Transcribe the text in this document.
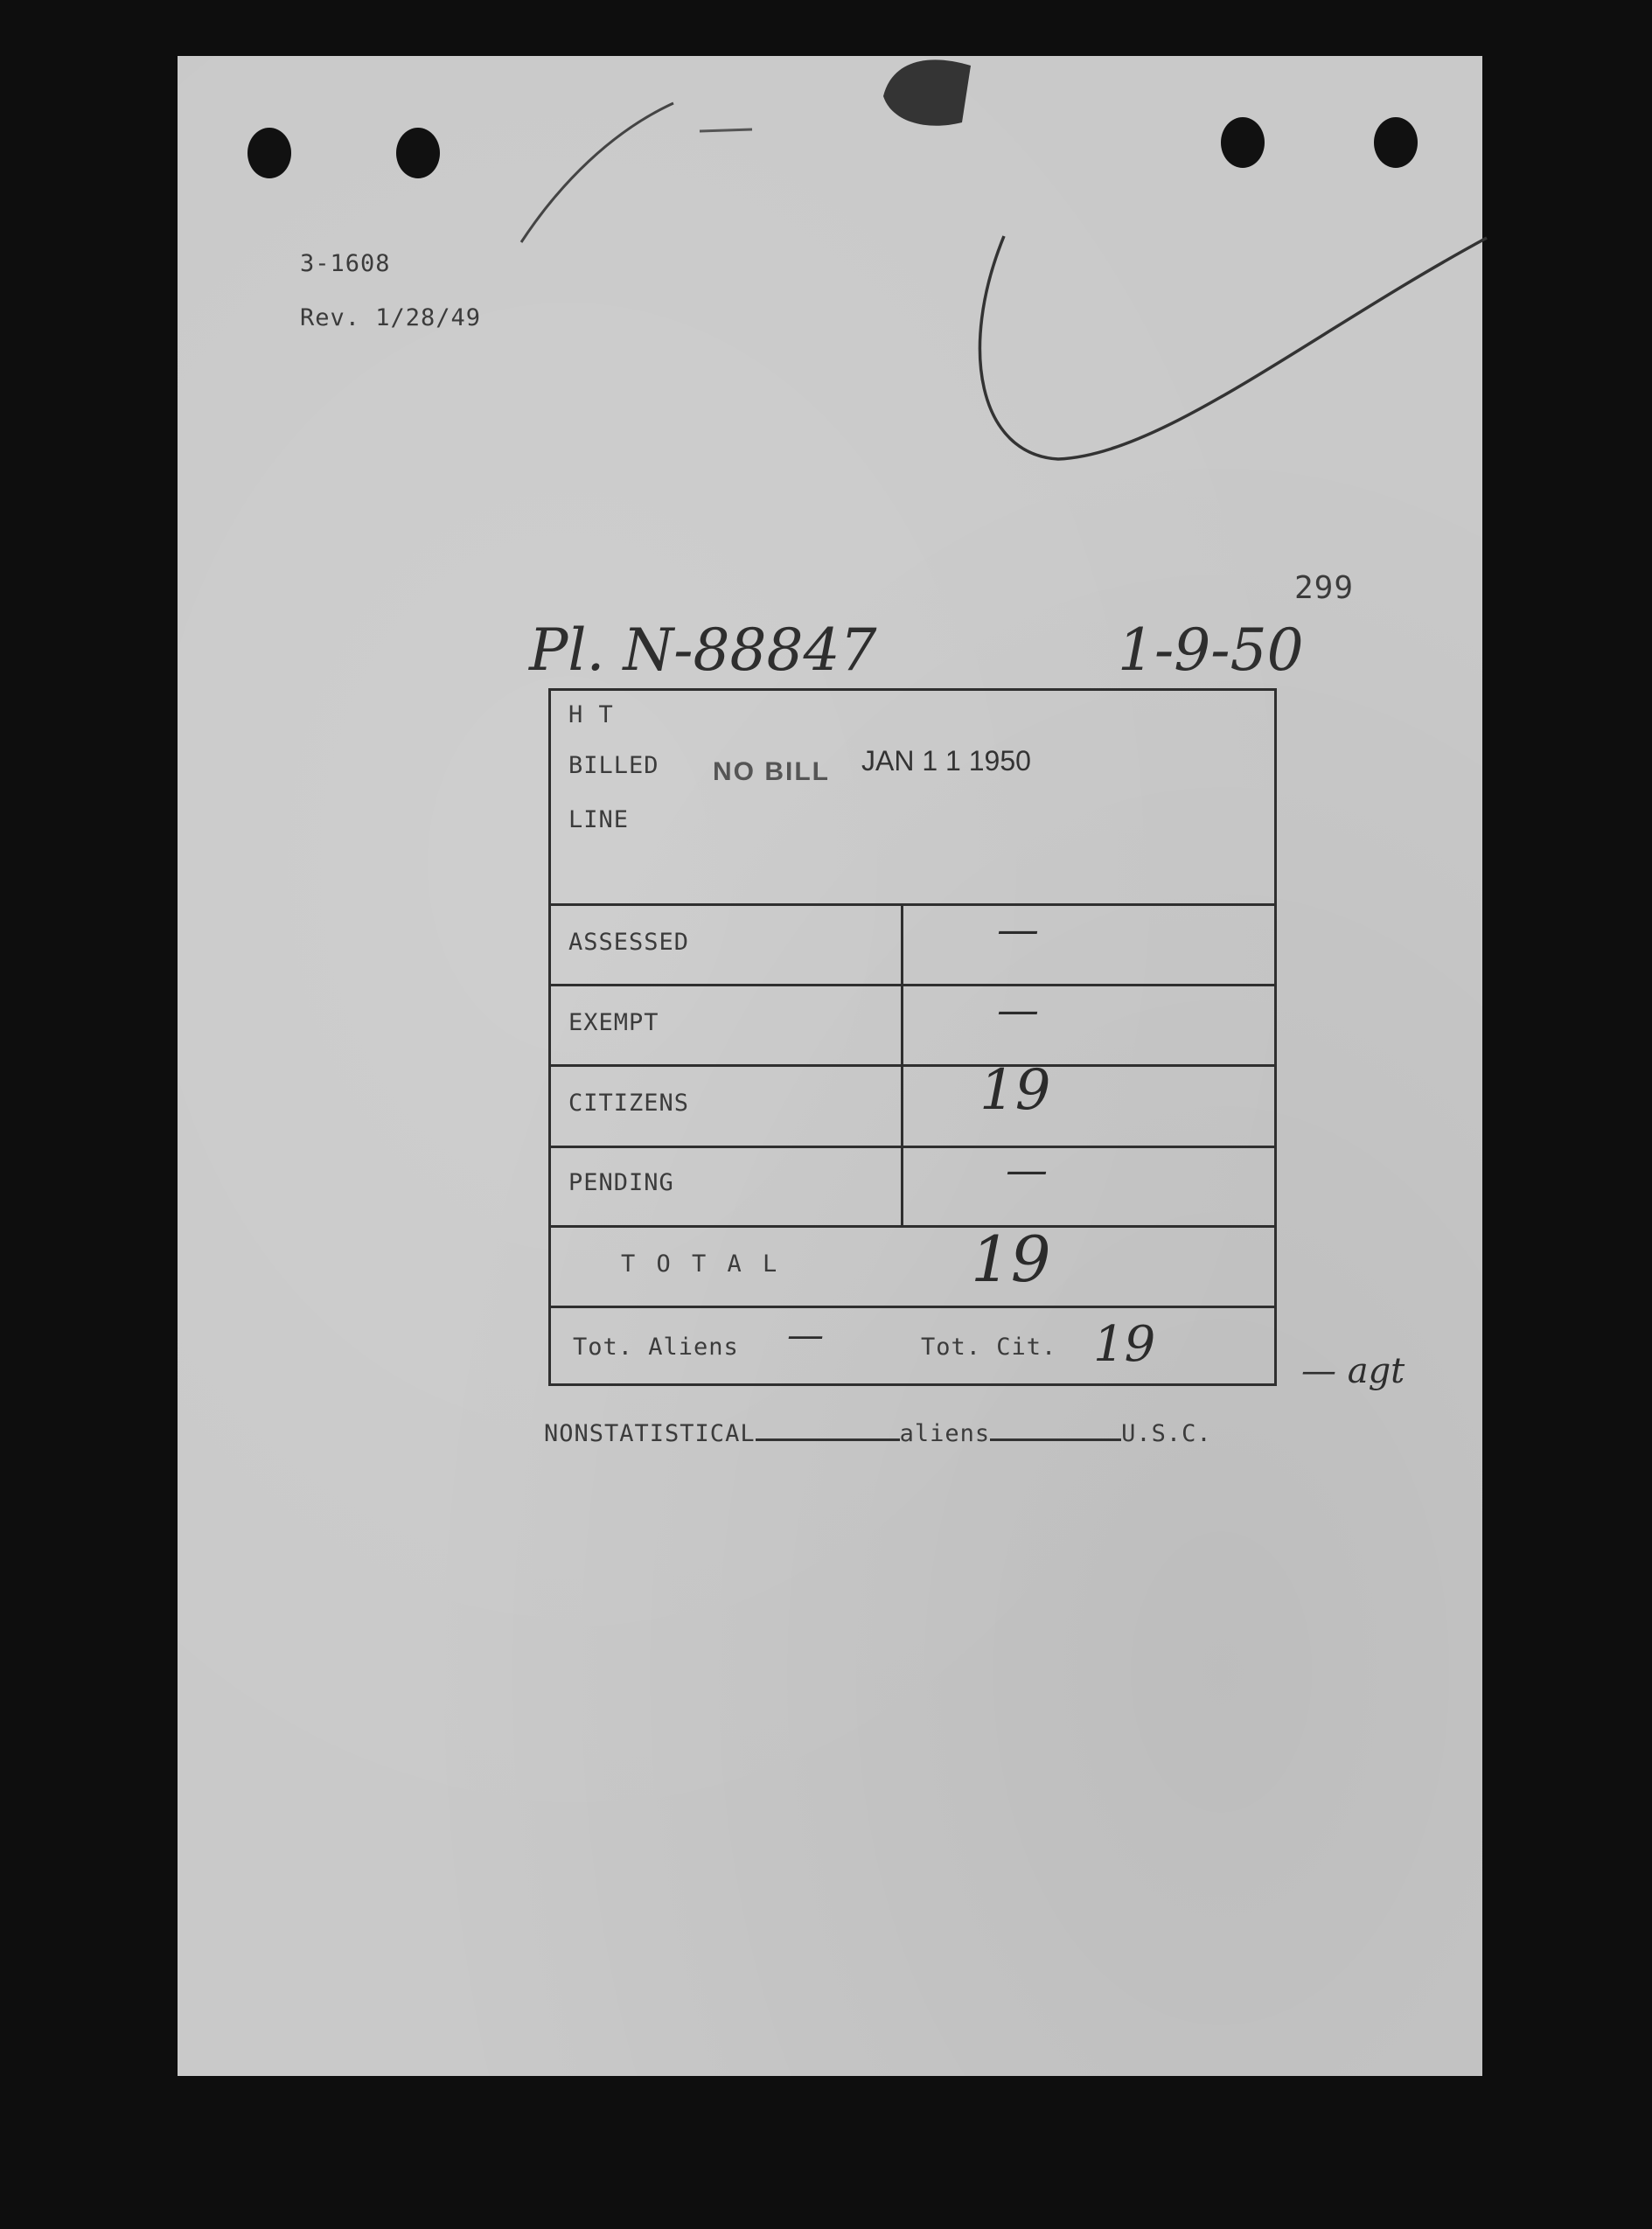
3-1608
Rev. 1/28/49
299
Pl. N-88847	1-9-50
H T
BILLED
LINE
NO BILL JAN 1 1 1950
ASSESSED	—
EXEMPT	—
CITIZENS	19
PENDING	—
T O T A L	19
Tot. Aliens —	Tot. Cit. 19	— agt
NONSTATISTICAL	aliens	U.S.C.
